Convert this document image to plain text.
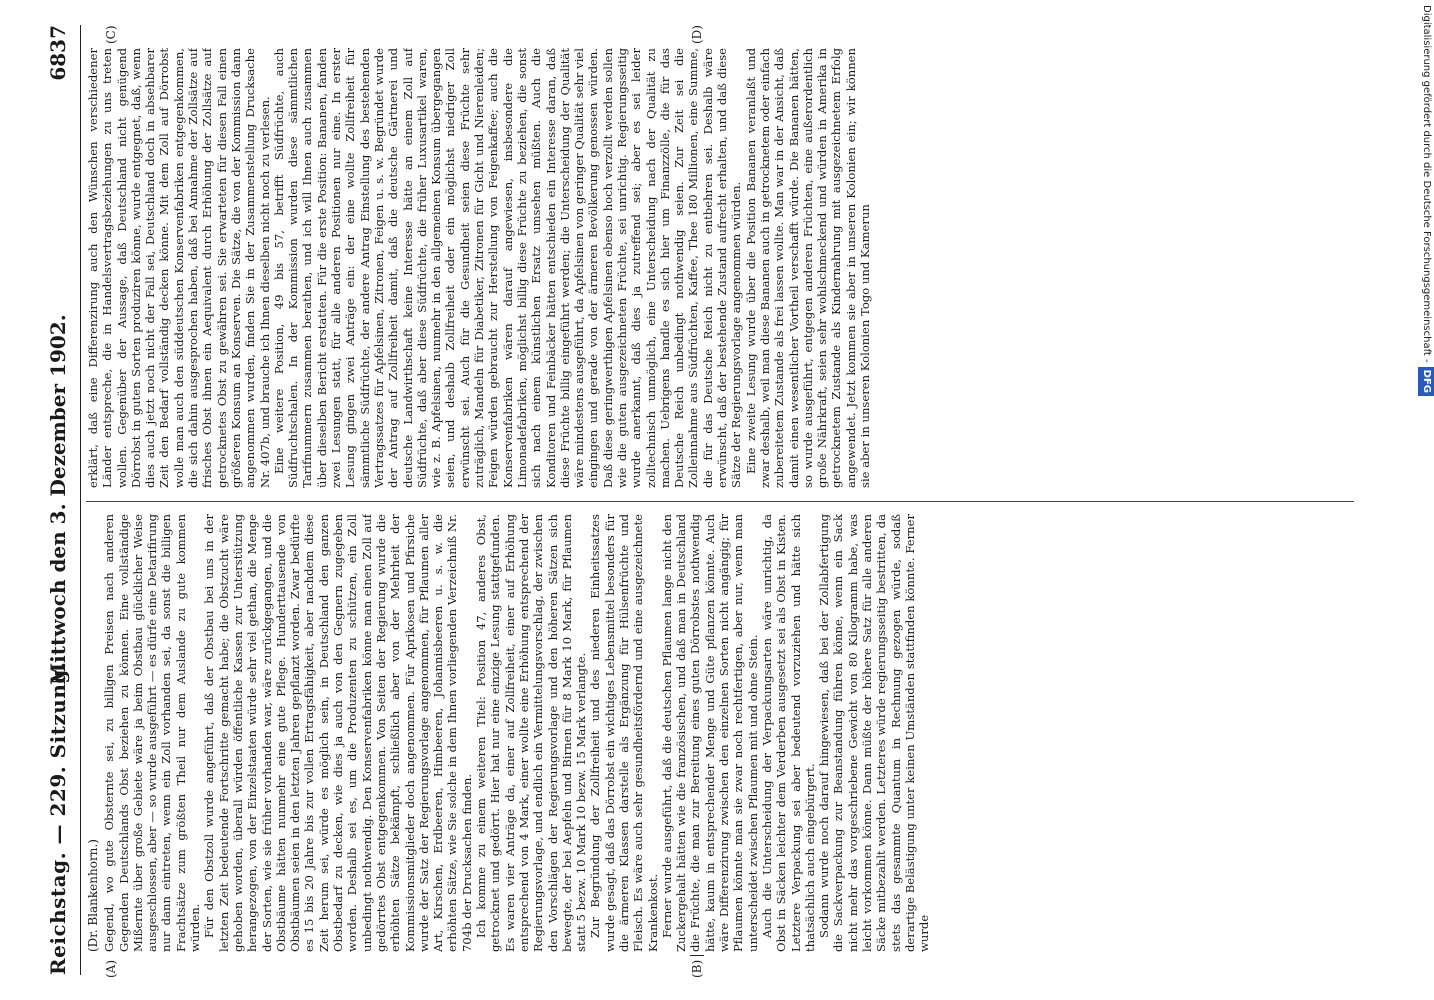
Reichstag. — 229. Sitzung.
Mittwoch den 3. Dezember 1902.
6837
(A)	(B)
(C)	(D)
(Dr. Blankenhorn.) Gegend, wo gute Obsternte sei, zu billigen Preisen nach anderen Gegenden Deutschlands Obst beziehen zu können. Eine vollständige Mißernte über große Gebiete wäre ja beim Obstbau glücklicher Weise ausgeschlossen, aber — so wurde ausgeführt — es dürfe eine Detarifirung nur dann eintreten, wenn ein Zoll vorhanden sei, da sonst die billigen Frachtsätze zum größten Theil nur dem Auslande zu gute kommen würden. Für den Obstzoll wurde angeführt, daß der Obstbau bei uns in der letzten Zeit bedeutende Fortschritte gemacht habe; die Obstzucht wäre gehoben worden, überall würden öffentliche Kassen zur Unterstützung herangezogen, von der Einzelstaaten würde sehr viel gethan, die Menge der Sorten, wie sie früher vorhanden war, wäre zurückgegangen, und die Obstbäume hätten nunmehr eine gute Pflege. Hunderttausende von Obstbäumen seien in den letzten Jahren gepflanzt worden. Zwar bedürfte es 15 bis 20 Jahre bis zur vollen Ertragsfähigkeit, aber nachdem diese Zeit herum sei, würde es möglich sein, in Deutschland den ganzen Obstbedarf zu decken, wie dies ja auch von den Gegnern zugegeben worden. Deshalb sei es, um die Produzenten zu schützen, ein Zoll unbedingt nothwendig. Den Konservenfabriken könne man einen Zoll auf gedörrtes Obst entgegenkommen. Von Seiten der Regierung wurde die erhöhten Sätze bekämpft, schließlich aber von der Mehrheit der Kommissionsmitglieder doch angenommen. Für Aprikosen und Pfirsiche wurde der Satz der Regierungsvorlage angenommen, für Pflaumen aller Art, Kirschen, Erdbeeren, Himbeeren, Johannisbeeren u. s. w. die erhöhten Sätze, wie Sie solche in dem Ihnen vorliegenden Verzeichniß Nr. 704b der Drucksachen finden. Ich komme zu einem weiteren Titel: Position 47, anderes Obst, getrocknet und gedörrt. Hier hat nur eine einzige Lesung stattgefunden. Es waren vier Anträge da, einer auf Zollfreiheit, einer auf Erhöhung entsprechend von 4 Mark, einer wollte eine Erhöhung entsprechend der Regierungsvorlage, und endlich ein Vermittelungsvorschlag, der zwischen den Vorschlägen der Regierungsvorlage und den höheren Sätzen sich bewegte, der bei Aepfeln und Birnen für 8 Mark 10 Mark, für Pflaumen statt 5 bezw. 10 Mark 10 bezw. 15 Mark verlangte. Zur Begründung der Zollfreiheit und des niederen Einheitssatzes wurde gesagt, daß das Dörrobst ein wichtiges Lebensmittel besonders für die ärmeren Klassen darstelle als Ergänzung für Hülsenfrüchte und Fleisch. Es wäre auch sehr gesundheitsfördernd und eine ausgezeichnete Krankenkost. Ferner wurde ausgeführt, daß die deutschen Pflaumen lange nicht den Zuckergehalt hätten wie die französischen, und daß man in Deutschland die Früchte, die man zur Bereitung eines guten Dörrobstes nothwendig hätte, kaum in entsprechender Menge und Güte pflanzen könnte. Auch wäre Differenzirung zwischen den einzelnen Sorten nicht angängig; für Pflaumen könnte man sie zwar noch rechtfertigen, aber nur, wenn man unterscheidet zwischen Pflaumen mit und ohne Stein. Auch die Unterscheidung der Verpackungsarten wäre unrichtig, da Obst in Säcken leichter dem Verderben ausgesetzt sei als Obst in Kisten. Letztere Verpackung sei aber bedeutend vorzuziehen und hätte sich thatsächlich auch eingebürgert. Sodann wurde noch darauf hingewiesen, daß bei der Zollabfertigung die Sackverpackung zur Beanstandung führen könne, wenn ein Sack nicht mehr das vorgeschriebene Gewicht von 80 Kilogramm habe, was leicht vorkommen könne. Dann müßte der höhere Satz für alle anderen Säcke mitbezahlt werden. Letzteres würde regierungsseitig bestritten, da stets das gesammte Quantum in Rechnung gezogen würde, sodaß derartige Belästigung unter keinen Umständen stattfinden könnte. Ferner wurde

erklärt, daß eine Differenzirung auch den Wünschen verschiedener Länder entspreche, die in Handelsvertragsbeziehungen zu uns treten wollen. Gegenüber der Aussage, daß Deutschland nicht genügend Dörrobst in guten Sorten produziren könne, wurde entgegnet, daß, wenn dies auch jetzt noch nicht der Fall sei, Deutschland doch in absehbarer Zeit den Bedarf vollständig decken könne. Mit dem Zoll auf Dörrobst wolle man auch den süddeutschen Konservenfabriken entgegenkommen, die sich dahin ausgesprochen haben, daß bei Annahme der Zollsätze auf frisches Obst ihnen ein Aequivalent durch Erhöhung der Zollsätze auf getrocknetes Obst zu gewähren sei. Sie erwarteten für diesen Fall einen größeren Konsum an Konserven. Die Sätze, die von der Kommission dann angenommen wurden, finden Sie in der Zusammenstellung Drucksache Nr. 407b, und brauche ich Ihnen dieselben nicht noch zu verlesen. Eine weitere Position, 49 bis 57, betrifft Südfrüchte, auch Südfruchtschalen. In der Kommission wurden diese sämmtlichen Tarifnummern zusammen berathen, und ich will Ihnen auch zusammen über dieselben Bericht erstatten. Für die erste Position: Bananen, fanden zwei Lesungen statt, für alle anderen Positionen nur eine. In erster Lesung gingen zwei Anträge ein: der eine wollte Zollfreiheit für sämmtliche Südfrüchte, der andere Antrag Einstellung des bestehenden Vertragssatzes für Apfelsinen, Zitronen, Feigen u. s. w. Begründet wurde der Antrag auf Zollfreiheit damit, daß die deutsche Gärtnerei und deutsche Landwirthschaft keine Interesse hätte an einem Zoll auf Südfrüchte, daß aber diese Südfrüchte, die früher Luxusartikel waren, wie z. B. Apfelsinen, nunmehr in den allgemeinen Konsum übergegangen seien, und deshalb Zollfreiheit oder ein möglichst niedriger Zoll erwünscht sei. Auch für die Gesundheit seien diese Früchte sehr zuträglich, Mandeln für Diabetiker, Zitronen für Gicht und Nierenleiden; Feigen würden gebraucht zur Herstellung von Feigenkaffee; auch die Konservenfabriken wären darauf angewiesen, insbesondere die Limonadefabriken, möglichst billig diese Früchte zu beziehen, die sonst sich nach einem künstlichen Ersatz umsehen müßten. Auch die Konditoren und Feinbäcker hätten entschieden ein Interesse daran, daß diese Früchte billig eingeführt werden; die Unterscheidung der Qualität wäre mindestens ausgeführt, da Apfelsinen von geringer Qualität sehr viel eingingen und gerade von der ärmeren Bevölkerung genossen würden. Daß diese geringwerthigen Apfelsinen ebenso hoch verzollt werden sollen wie die guten ausgezeichneten Früchte, sei unrichtig. Regierungsseitig wurde anerkannt, daß dies ja zutreffend sei; aber es sei leider zolltechnisch unmöglich, eine Unterscheidung nach der Qualität zu machen. Uebrigens handle es sich hier um Finanzzölle, die für das Deutsche Reich unbedingt nothwendig seien. Zur Zeit sei die Zolleinnahme aus Südfrüchten, Kaffee, Thee 180 Millionen, eine Summe, die für das Deutsche Reich nicht zu entbehren sei. Deshalb wäre erwünscht, daß der bestehende Zustand aufrecht erhalten, und daß diese Sätze der Regierungsvorlage angenommen würden. Eine zweite Lesung wurde über die Position Bananen veranlaßt und zwar deshalb, weil man diese Bananen auch in getrocknetem oder einfach zubereitetem Zustande als frei lassen wollte. Man war in der Ansicht, daß damit einen wesentlicher Vortheil verschafft würde. Die Bananen hätten, so wurde ausgeführt, entgegen anderen Früchten, eine außerordentlich große Nährkraft, seien sehr wohlschmeckend und würden in Amerika in getrocknetem Zustande als Kindernahrung mit ausgezeichnetem Erfolg angewendet. Jetzt kommen sie aber in unseren Kolonien ein; wir können sie aber in unseren Kolonien Togo und Kamerun	Digitalisierung gefördert durch die Deutsche Forschungsgemeinschaft -DFG
